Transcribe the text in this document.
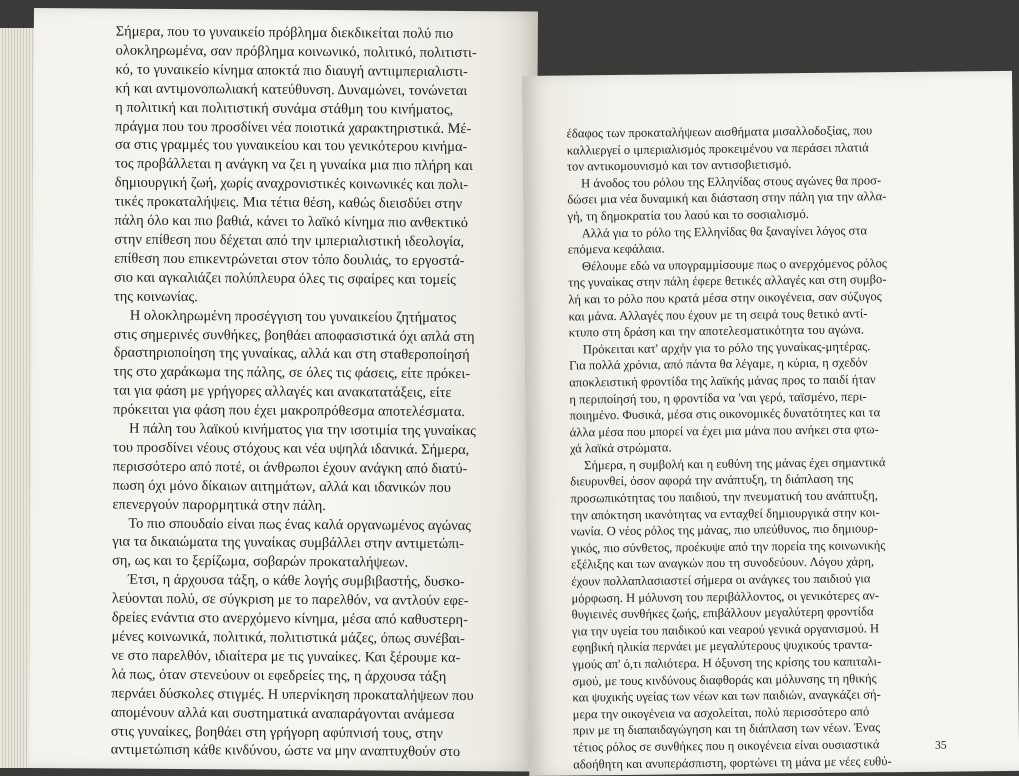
Σήμερα, που το γυναικείο πρόβλημα διεκδικείται πολύ πιο
ολοκληρωμένα, σαν πρόβλημα κοινωνικό, πολιτικό, πολιτιστι-
κό, το γυναικείο κίνημα αποκτά πιο διαυγή αντιιμπεριαλιστι-
κή και αντιμονοπωλιακή κατεύθυνση. Δυναμώνει, τονώνεται
η πολιτική και πολιτιστική συνάμα στάθμη του κινήματος,
πράγμα που του προσδίνει νέα ποιοτικά χαρακτηριστικά. Μέ-
σα στις γραμμές του γυναικείου και του γενικότερου κινήμα-
τος προβάλλεται η ανάγκη να ζει η γυναίκα μια πιο πλήρη και
δημιουργική ζωή, χωρίς αναχρονιστικές κοινωνικές και πολι-
τικές προκαταλήψεις. Μια τέτια θέση, καθώς διεισδύει στην
πάλη όλο και πιο βαθιά, κάνει το λαϊκό κίνημα πιο ανθεκτικό
στην επίθεση που δέχεται από την ιμπεριαλιστική ιδεολογία,
επίθεση που επικεντρώνεται στον τόπο δουλιάς, το εργοστά-
σιο και αγκαλιάζει πολύπλευρα όλες τις σφαίρες και τομείς
της κοινωνίας.
Η ολοκληρωμένη προσέγγιση του γυναικείου ζητήματος
στις σημερινές συνθήκες, βοηθάει αποφασιστικά όχι απλά στη
δραστηριοποίηση της γυναίκας, αλλά και στη σταθεροποίησή
της στο χαράκωμα της πάλης, σε όλες τις φάσεις, είτε πρόκει-
ται για φάση με γρήγορες αλλαγές και ανακατατάξεις, είτε
πρόκειται για φάση που έχει μακροπρόθεσμα αποτελέσματα.
Η πάλη του λαϊκού κινήματος για την ισοτιμία της γυναίκας
του προσδίνει νέους στόχους και νέα υψηλά ιδανικά. Σήμερα,
περισσότερο από ποτέ, οι άνθρωποι έχουν ανάγκη από διατύ-
πωση όχι μόνο δίκαιων αιτημάτων, αλλά και ιδανικών που
επενεργούν παρορμητικά στην πάλη.
Το πιο σπουδαίο είναι πως ένας καλά οργανωμένος αγώνας
για τα δικαιώματα της γυναίκας συμβάλλει στην αντιμετώπι-
ση, ως και το ξερίζωμα, σοβαρών προκαταλήψεων.
Έτσι, η άρχουσα τάξη, ο κάθε λογής συμβιβαστής, δυσκο-
λεύονται πολύ, σε σύγκριση με το παρελθόν, να αντλούν εφε-
δρείες ενάντια στο ανερχόμενο κίνημα, μέσα από καθυστερη-
μένες κοινωνικά, πολιτικά, πολιτιστικά μάζες, όπως συνέβαι-
νε στο παρελθόν, ιδιαίτερα με τις γυναίκες. Και ξέρουμε κα-
λά πως, όταν στενεύουν οι εφεδρείες της, η άρχουσα τάξη
περνάει δύσκολες στιγμές. Η υπερνίκηση προκαταλήψεων που
απομένουν αλλά και συστηματικά αναπαράγονται ανάμεσα
στις γυναίκες, βοηθάει στη γρήγορη αφύπνισή τους, στην
αντιμετώπιση κάθε κινδύνου, ώστε να μην αναπτυχθούν στο
έδαφος των προκαταλήψεων αισθήματα μισαλλοδοξίας, που
καλλιεργεί ο ιμπεριαλισμός προκειμένου να περάσει πλατιά
τον αντικομουνισμό και τον αντισοβιετισμό.
Η άνοδος του ρόλου της Ελληνίδας στους αγώνες θα προσ-
δώσει μια νέα δυναμική και διάσταση στην πάλη για την αλλα-
γή, τη δημοκρατία του λαού και το σοσιαλισμό.
Αλλά για το ρόλο της Ελληνίδας θα ξαναγίνει λόγος στα
επόμενα κεφάλαια.
Θέλουμε εδώ να υπογραμμίσουμε πως ο ανερχόμενος ρόλος
της γυναίκας στην πάλη έφερε θετικές αλλαγές και στη συμβο-
λή και το ρόλο που κρατά μέσα στην οικογένεια, σαν σύζυγος
και μάνα. Αλλαγές που έχουν με τη σειρά τους θετικό αντί-
κτυπο στη δράση και την αποτελεσματικότητα του αγώνα.
Πρόκειται κατ' αρχήν για το ρόλο της γυναίκας-μητέρας.
Για πολλά χρόνια, από πάντα θα λέγαμε, η κύρια, η σχεδόν
αποκλειστική φροντίδα της λαϊκής μάνας προς το παιδί ήταν
η περιποίησή του, η φροντίδα να 'ναι γερό, ταϊσμένο, περι-
ποιημένο. Φυσικά, μέσα στις οικονομικές δυνατότητες και τα
άλλα μέσα που μπορεί να έχει μια μάνα που ανήκει στα φτω-
χά λαϊκά στρώματα.
Σήμερα, η συμβολή και η ευθύνη της μάνας έχει σημαντικά
διευρυνθεί, όσον αφορά την ανάπτυξη, τη διάπλαση της
προσωπικότητας του παιδιού, την πνευματική του ανάπτυξη,
την απόκτηση ικανότητας να ενταχθεί δημιουργικά στην κοι-
νωνία. Ο νέος ρόλος της μάνας, πιο υπεύθυνος, πιο δημιουρ-
γικός, πιο σύνθετος, προέκυψε από την πορεία της κοινωνικής
εξέλιξης και των αναγκών που τη συνοδεύουν. Λόγου χάρη,
έχουν πολλαπλασιαστεί σήμερα οι ανάγκες του παιδιού για
μόρφωση. Η μόλυνση του περιβάλλοντος, οι γενικότερες αν-
θυγιεινές συνθήκες ζωής, επιβάλλουν μεγαλύτερη φροντίδα
για την υγεία του παιδικού και νεαρού γενικά οργανισμού. Η
εφηβική ηλικία περνάει με μεγαλύτερους ψυχικούς τραντα-
γμούς απ' ό,τι παλιότερα. Η όξυνση της κρίσης του καπιταλι-
σμού, με τους κινδύνους διαφθοράς και μόλυνσης τη ηθικής
και ψυχικής υγείας των νέων και των παιδιών, αναγκάζει σή-
μερα την οικογένεια να ασχολείται, πολύ περισσότερο από
πριν με τη διαπαιδαγώγηση και τη διάπλαση των νέων. Ένας
τέτιος ρόλος σε συνθήκες που η οικογένεια είναι ουσιαστικά
αδοήθητη και ανυπεράσπιστη, φορτώνει τη μάνα με νέες ευθύ-
35
